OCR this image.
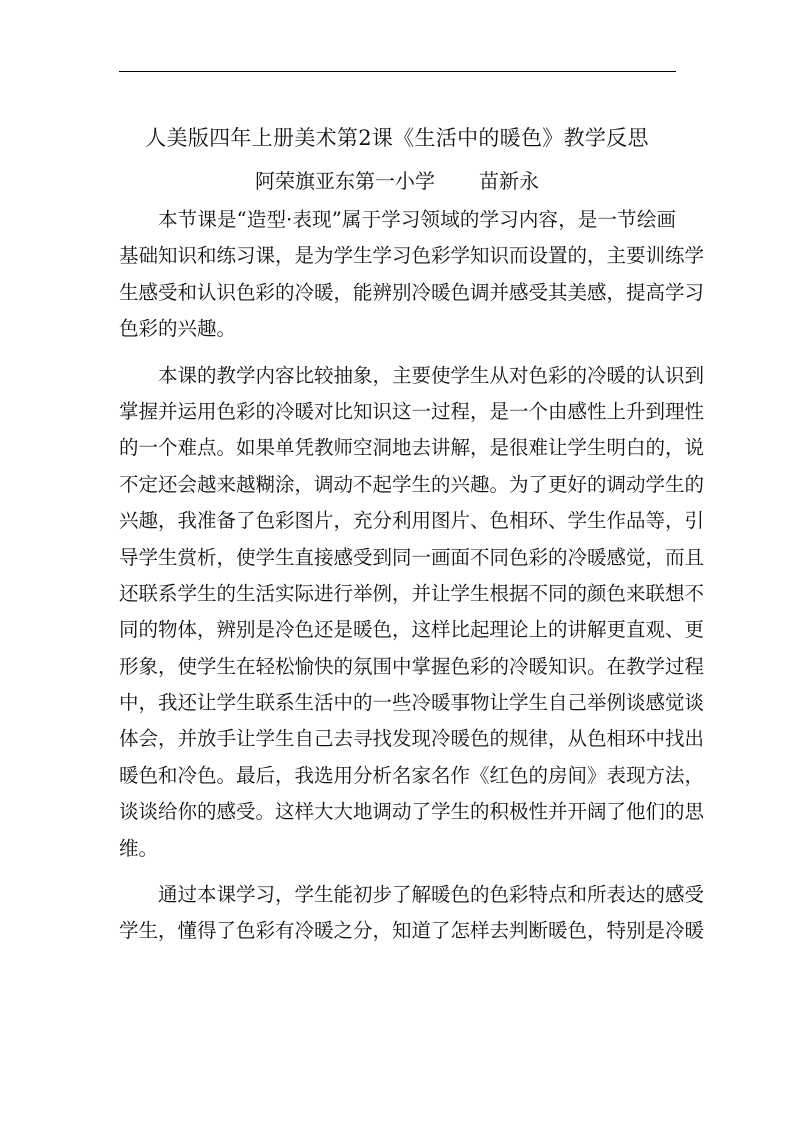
人美版四年上册美术第2课《生活中的暖色》教学反思
阿荣旗亚东第一小学 苗新永
本节课是“造型·表现”属于学习领域的学习内容，是一节绘画
基础知识和练习课，是为学生学习色彩学知识而设置的，主要训练学
生感受和认识色彩的冷暖，能辨别冷暖色调并感受其美感，提高学习
色彩的兴趣。
本课的教学内容比较抽象，主要使学生从对色彩的冷暖的认识到
掌握并运用色彩的冷暖对比知识这一过程，是一个由感性上升到理性
的一个难点。如果单凭教师空洞地去讲解，是很难让学生明白的，说
不定还会越来越糊涂，调动不起学生的兴趣。为了更好的调动学生的
兴趣，我准备了色彩图片，充分利用图片、色相环、学生作品等，引
导学生赏析，使学生直接感受到同一画面不同色彩的冷暖感觉，而且
还联系学生的生活实际进行举例，并让学生根据不同的颜色来联想不
同的物体，辨别是冷色还是暖色，这样比起理论上的讲解更直观、更
形象，使学生在轻松愉快的氛围中掌握色彩的冷暖知识。在教学过程
中，我还让学生联系生活中的一些冷暖事物让学生自己举例谈感觉谈
体会，并放手让学生自己去寻找发现冷暖色的规律，从色相环中找出
暖色和冷色。最后，我选用分析名家名作《红色的房间》表现方法，
谈谈给你的感受。这样大大地调动了学生的积极性并开阔了他们的思
维。
通过本课学习，学生能初步了解暖色的色彩特点和所表达的感受
学生，懂得了色彩有冷暖之分，知道了怎样去判断暖色，特别是冷暖
